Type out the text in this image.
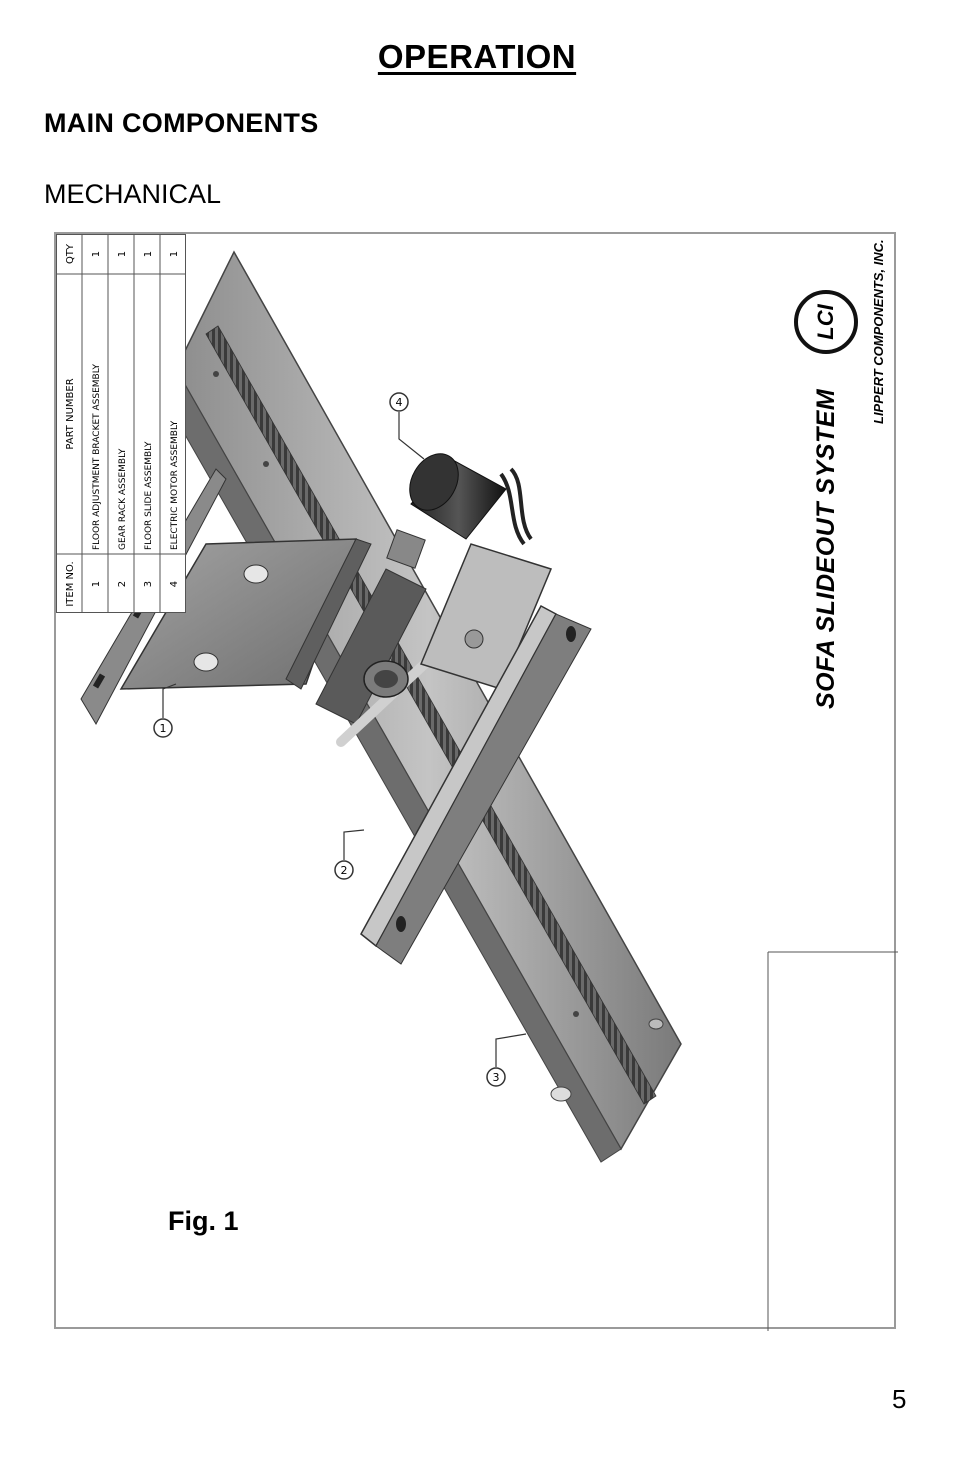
OPERATION
MAIN COMPONENTS
MECHANICAL
1
2
3
4
LCI
Fig. 1
SOFA SLIDEOUT SYSTEM
LIPPERT COMPONENTS, INC.
ITEM NO.
PART NUMBER
QTY
1
FLOOR ADJUSTMENT BRACKET ASSEMBLY
1
2
GEAR RACK ASSEMBLY
1
3
FLOOR SLIDE ASSEMBLY
1
4
ELECTRIC MOTOR ASSEMBLY
1
5
